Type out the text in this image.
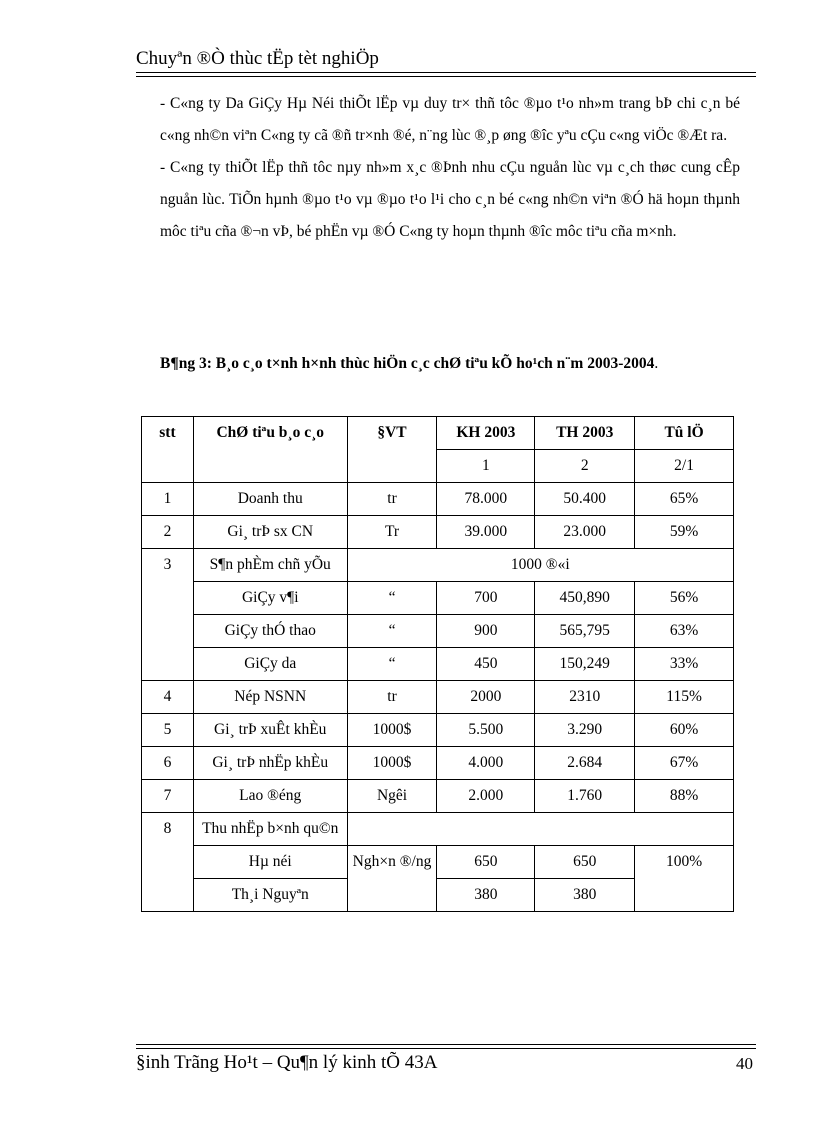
Chuyªn ®Ò thùc tËp tèt nghiÖp

- C«ng ty Da GiÇy Hµ Néi thiÕt lËp vµ duy tr× thñ tôc ®µo t¹o nh»m trang bÞ chi c¸n bé c«ng nh©n viªn C«ng ty cã ®ñ tr×nh ®é, n¨ng lùc ®¸p øng ®îc yªu cÇu c«ng viÖc ®Æt ra.

- C«ng ty thiÕt lËp thñ tôc nµy nh»m x¸c ®Þnh nhu cÇu nguån lùc vµ c¸ch thøc cung cÊp nguån lùc. TiÕn hµnh ®µo t¹o vµ ®µo t¹o l¹i cho c¸n bé c«ng nh©n viªn ®Ó hä hoµn thµnh môc tiªu cña ®¬n vÞ, bé phËn vµ ®Ó C«ng ty hoµn thµnh ®îc môc tiªu cña m×nh.

B¶ng 3: B¸o c¸o t×nh h×nh thùc hiÖn c¸c chØ tiªu kÕ ho¹ch n¨m 2003-2004.
stt	ChØ tiªu b¸o c¸o	§VT	KH 2003	TH 2003	Tû lÖ
			1	2	2/1
1	Doanh thu	tr	78.000	50.400	65%
2	Gi¸ trÞ sx CN	Tr	39.000	23.000	59%
3	S¶n phÈm chñ yÕu	1000 ®«i			
	GiÇy v¶i	“	700	450,890	56%
	GiÇy thÓ thao	“	900	565,795	63%
	GiÇy da	“	450	150,249	33%
4	Nép NSNN	tr	2000	2310	115%
5	Gi¸ trÞ xuÊt khÈu	1000$	5.500	3.290	60%
6	Gi¸ trÞ nhËp khÈu	1000$	4.000	2.684	67%
7	Lao ®éng	Ngêi	2.000	1.760	88%
8	Thu nhËp b×nh qu©n				
	Hµ néi	Ngh×n ®/ng	650	650	100%
	Th¸i Nguyªn		380	380	
§inh Trãng Ho¹t – Qu¶n lý kinh tÕ 43A	40
